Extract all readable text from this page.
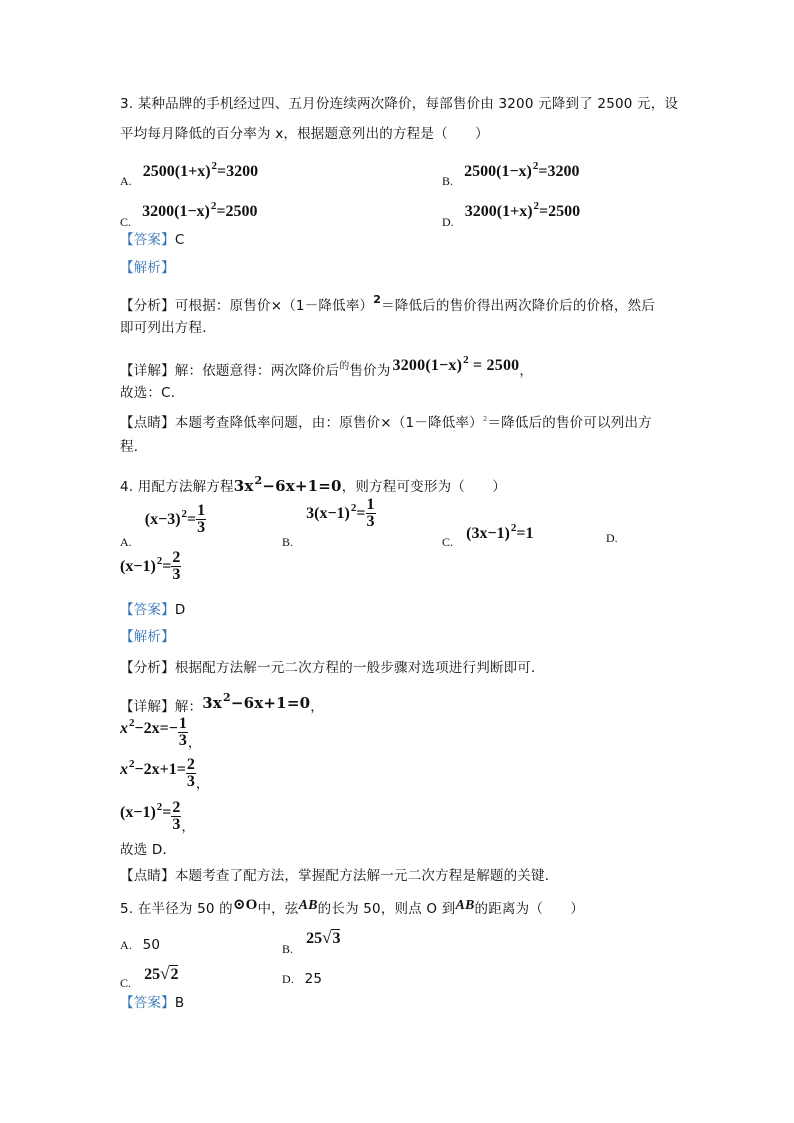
3. 某种品牌的手机经过四、五月份连续两次降价，每部售价由 3200 元降到了 2500 元，设
平均每月降低的百分率为 x，根据题意列出的方程是（　　）
$_{A.}$ $2500(1+x)^2=3200$
$_{B.}$ $2500(1-x)^2=3200$
$_{C.}$ $3200(1-x)^2=2500$
$_{D.}$ $3200(1+x)^2=2500$
【答案】C
【解析】
【分析】可根据：原售价×（1－降低率）$^2$＝降低后的售价得出两次降价后的价格，然后
即可列出方程．
【详解】解：依题意得：两次降价后$^的$售价为 $3200(1-x)^2 = 2500$，
故选：C．
【点睛】本题考查降低率问题，由：原售价×（1－降低率）$^2$＝降低后的售价可以列出方
程．
4. 用配方法解方程$3x^2-6x+1=0$，则方程可变形为（　　）
$_{A.}$ $(x-3)^2= \frac{1}{3}$
$_{B.}$ $3(x-1)^2= \frac{1}{3}$
$_{C.}$ $(3x-1)^2=1$	D.
$(x-1)^2= \frac{2}{3}$
【答案】D
【解析】
【分析】根据配方法解一元二次方程的一般步骤对选项进行判断即可．
【详解】解：$3x^2-6x+1=0$，
$x^2-2x=- \frac{1}{3} _,$
$x^2-2x+1= \frac{2}{3} _,$
$(x-1)^2= \frac{2}{3} _,$
故选 D．
【点睛】本题考查了配方法，掌握配方法解一元二次方程是解题的关键．
5. 在半径为 50 的⊙O中，弦AB的长为 50，则点 O 到AB的距离为（　　）
A. 50	$_{B.}$ 25√3
$_{C.}$ 25√2	D. 25
【答案】B
